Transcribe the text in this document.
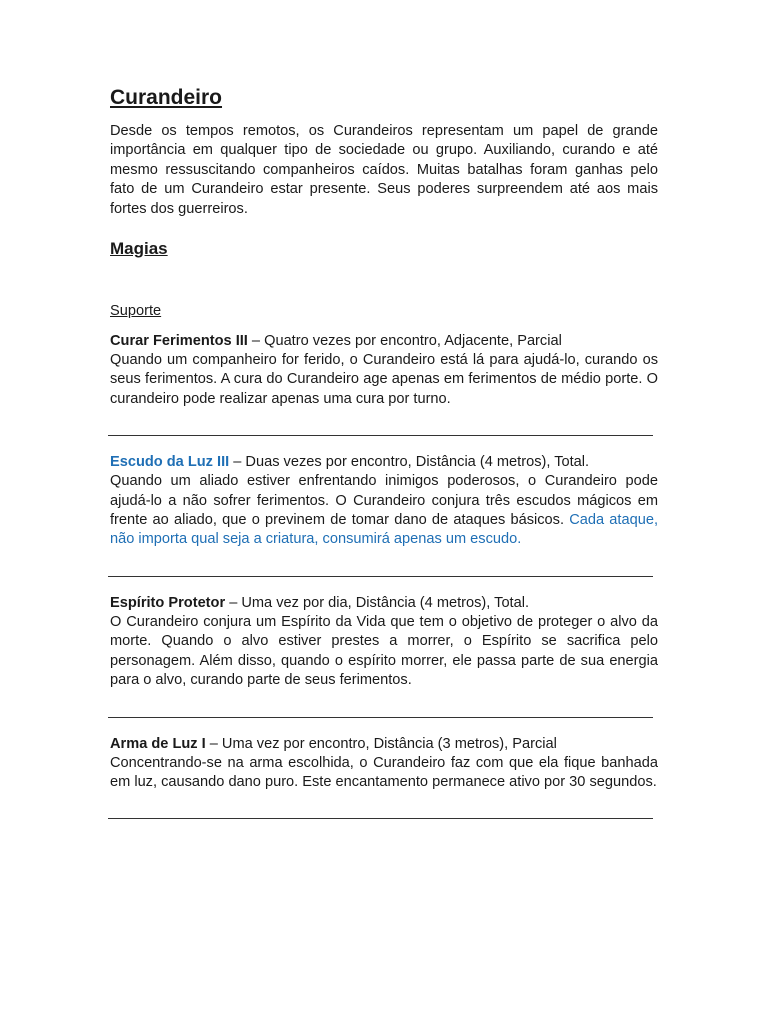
Curandeiro

Desde os tempos remotos, os Curandeiros representam um papel de grande importância em qualquer tipo de sociedade ou grupo. Auxiliando, curando e até mesmo ressuscitando companheiros caídos. Muitas batalhas foram ganhas pelo fato de um Curandeiro estar presente. Seus poderes surpreendem até aos mais fortes dos guerreiros.

Magias
Suporte
Curar Ferimentos III – Quatro vezes por encontro, Adjacente, Parcial

Quando um companheiro for ferido, o Curandeiro está lá para ajudá-lo, curando os seus ferimentos. A cura do Curandeiro age apenas em ferimentos de médio porte. O curandeiro pode realizar apenas uma cura por turno.

Escudo da Luz III – Duas vezes por encontro, Distância (4 metros), Total.

Quando um aliado estiver enfrentando inimigos poderosos, o Curandeiro pode ajudá-lo a não sofrer ferimentos. O Curandeiro conjura três escudos mágicos em frente ao aliado, que o previnem de tomar dano de ataques básicos. Cada ataque, não importa qual seja a criatura, consumirá apenas um escudo.

Espírito Protetor – Uma vez por dia, Distância (4 metros), Total.

O Curandeiro conjura um Espírito da Vida que tem o objetivo de proteger o alvo da morte. Quando o alvo estiver prestes a morrer, o Espírito se sacrifica pelo personagem. Além disso, quando o espírito morrer, ele passa parte de sua energia para o alvo, curando parte de seus ferimentos.

Arma de Luz I – Uma vez por encontro, Distância (3 metros), Parcial

Concentrando-se na arma escolhida, o Curandeiro faz com que ela fique banhada em luz, causando dano puro. Este encantamento permanece ativo por 30 segundos.
